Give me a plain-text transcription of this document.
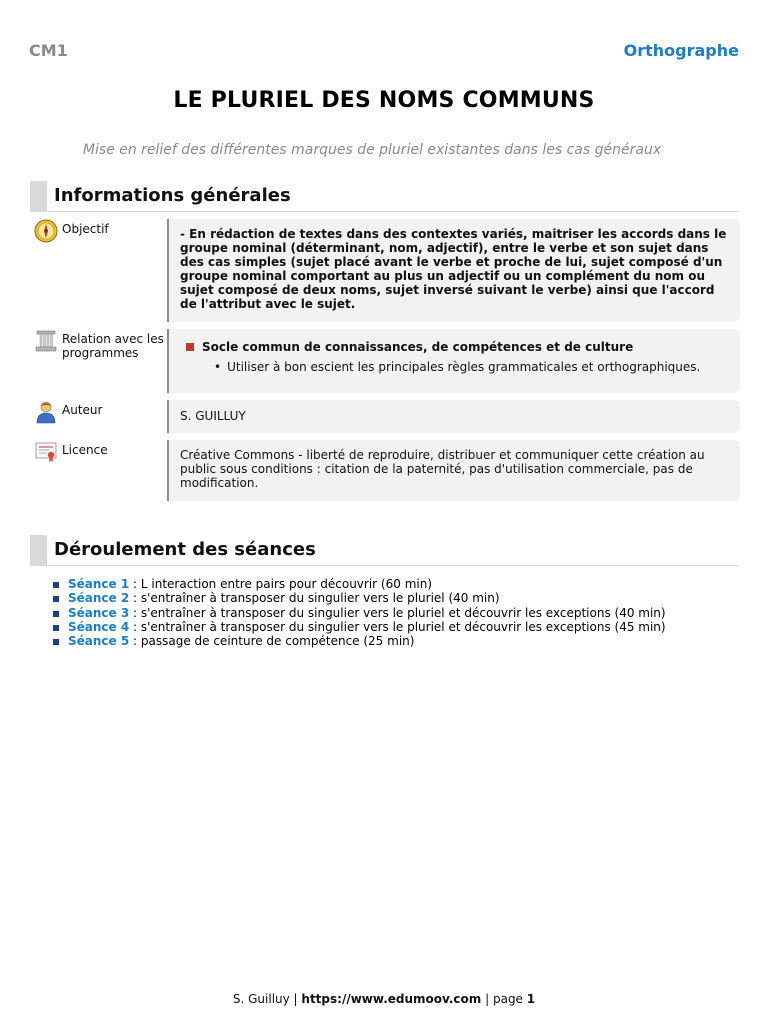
CM1	Orthographe
LE PLURIEL DES NOMS COMMUNS
Mise en relief des différentes marques de pluriel existantes dans les cas généraux
Informations générales
Objectif	- En rédaction de textes dans des contextes variés, maitriser les accords dans le groupe nominal (déterminant, nom, adjectif), entre le verbe et son sujet dans des cas simples (sujet placé avant le verbe et proche de lui, sujet composé d'un groupe nominal comportant au plus un adjectif ou un complément du nom ou sujet composé de deux noms, sujet inversé suivant le verbe) ainsi que l'accord de l'attribut avec le sujet.
Relation avec les programmes	Socle commun de connaissances, de compétences et de culture
• Utiliser à bon escient les principales règles grammaticales et orthographiques.
Auteur	S. GUILLUY
Licence	Créative Commons - liberté de reproduire, distribuer et communiquer cette création au public sous conditions : citation de la paternité, pas d'utilisation commerciale, pas de modification.
Déroulement des séances
Séance 1 : L interaction entre pairs pour découvrir (60 min)
Séance 2 : s'entraîner à transposer du singulier vers le pluriel (40 min)
Séance 3 : s'entraîner à transposer du singulier vers le pluriel et découvrir les exceptions (40 min)
Séance 4 : s'entraîner à transposer du singulier vers le pluriel et découvrir les exceptions (45 min)
Séance 5 : passage de ceinture de compétence (25 min)
S. Guilluy | https://www.edumoov.com | page 1
